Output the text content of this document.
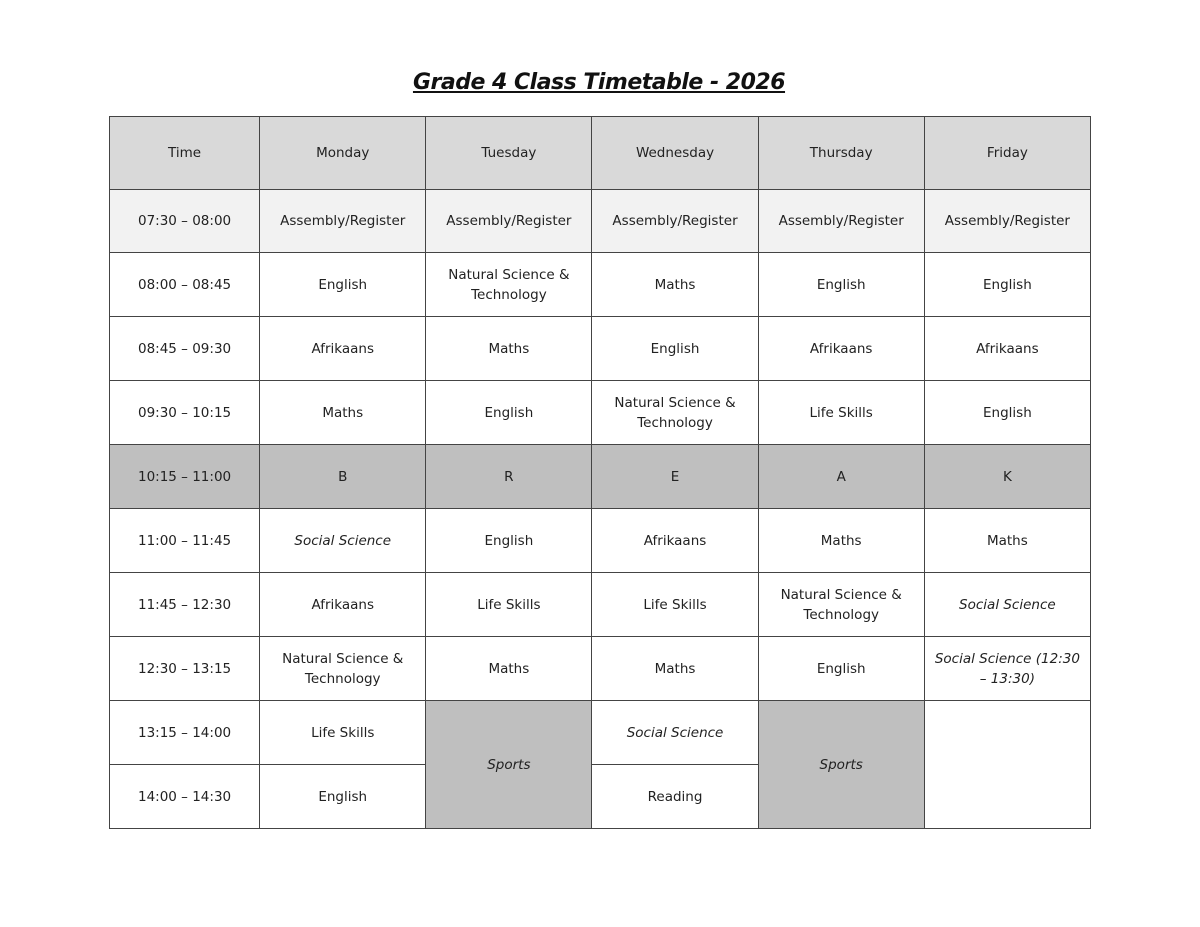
Grade 4 Class Timetable - 2026
Time	Monday	Tuesday	Wednesday	Thursday	Friday
07:30 – 08:00	Assembly/Register	Assembly/Register	Assembly/Register	Assembly/Register	Assembly/Register
08:00 – 08:45	English	Natural Science & Technology	Maths	English	English
08:45 – 09:30	Afrikaans	Maths	English	Afrikaans	Afrikaans
09:30 – 10:15	Maths	English	Natural Science & Technology	Life Skills	English
10:15 – 11:00	B	R	E	A	K
11:00 – 11:45	Social Science	English	Afrikaans	Maths	Maths
11:45 – 12:30	Afrikaans	Life Skills	Life Skills	Natural Science & Technology	Social Science
12:30 – 13:15	Natural Science & Technology	Maths	Maths	English	Social Science (12:30 – 13:30)
13:15 – 14:00	Life Skills	Sports	Social Science	Sports	
14:00 – 14:30	English		Reading		
